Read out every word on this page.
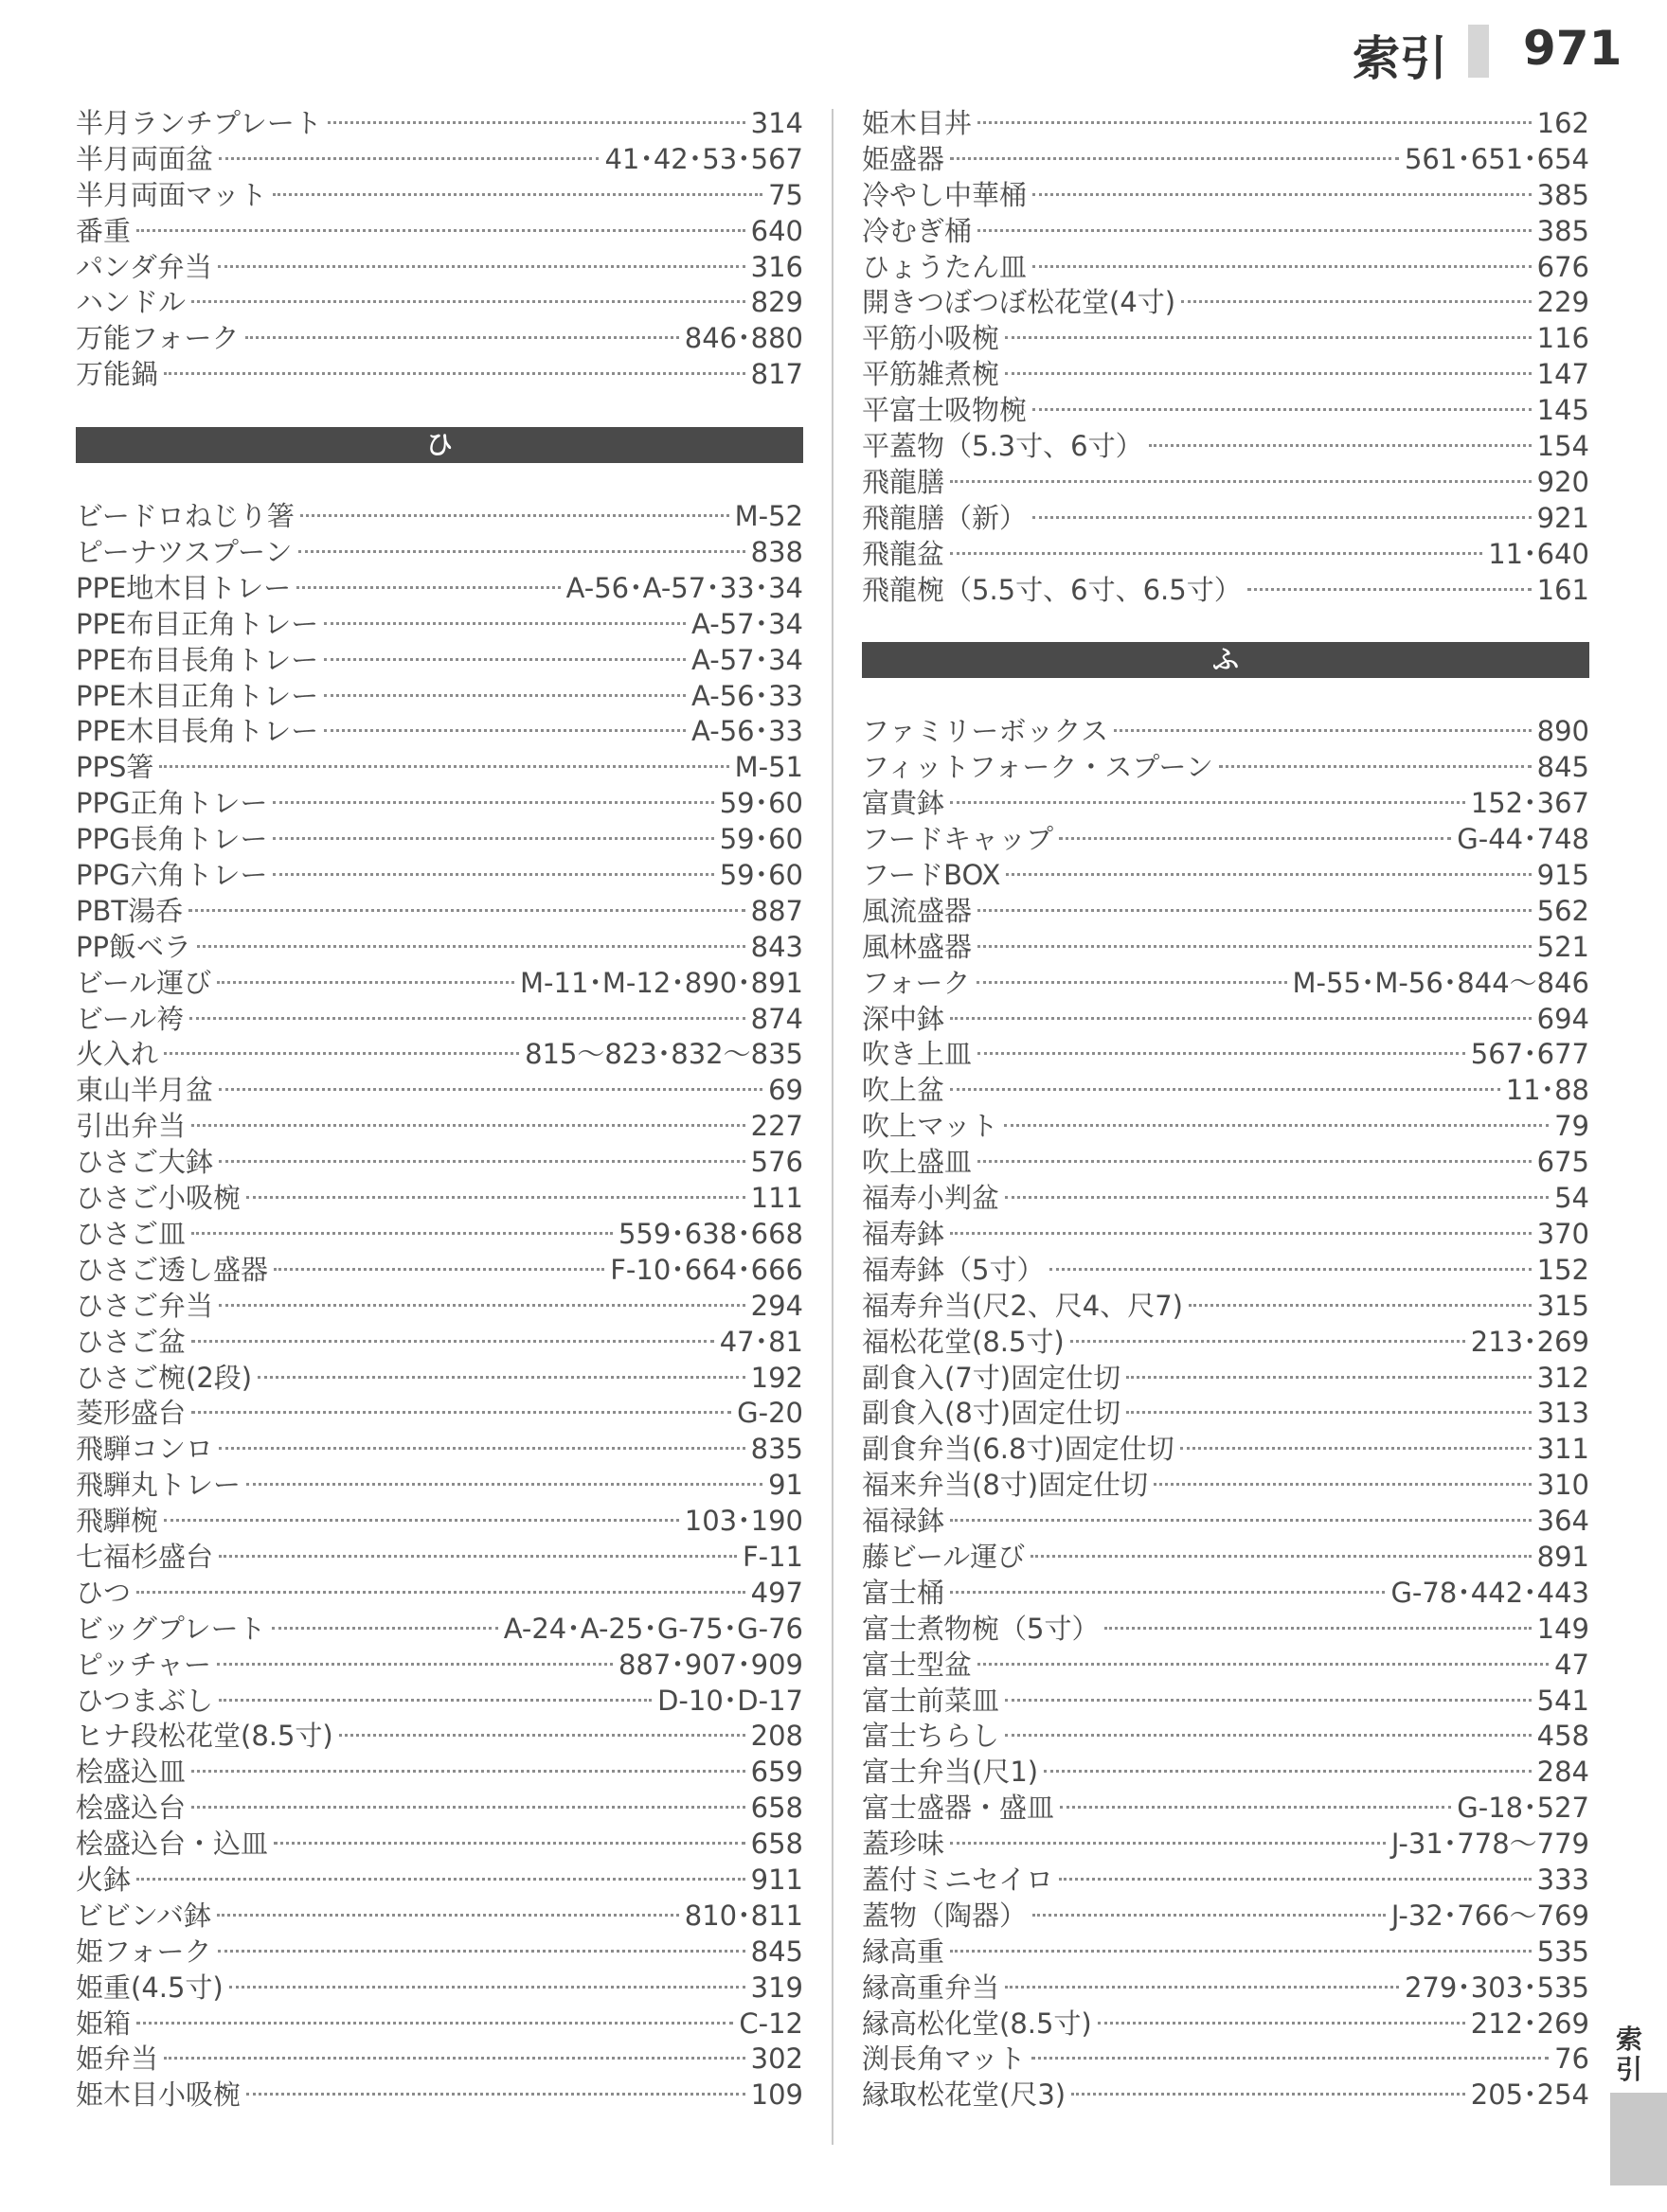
索引 971
半月ランチプレート	314
半月両面盆	41･42･53･567
半月両面マット	75
番重	640
パンダ弁当	316
ハンドル	829
万能フォーク	846･880
万能鍋	817
ひ
ビードロねじり箸	M-52
ピーナツスプーン	838
PPE地木目トレー	A-56･A-57･33･34
PPE布目正角トレー	A-57･34
PPE布目長角トレー	A-57･34
PPE木目正角トレー	A-56･33
PPE木目長角トレー	A-56･33
PPS箸	M-51
PPG正角トレー	59･60
PPG長角トレー	59･60
PPG六角トレー	59･60
PBT湯呑	887
PP飯ベラ	843
ビール運び	M-11･M-12･890･891
ビール袴	874
火入れ	815～823･832～835
東山半月盆	69
引出弁当	227
ひさご大鉢	576
ひさご小吸椀	111
ひさご皿	559･638･668
ひさご透し盛器	F-10･664･666
ひさご弁当	294
ひさご盆	47･81
ひさご椀(2段)	192
菱形盛台	G-20
飛騨コンロ	835
飛騨丸トレー	91
飛騨椀	103･190
七福杉盛台	F-11
ひつ	497
ビッグプレート	A-24･A-25･G-75･G-76
ピッチャー	887･907･909
ひつまぶし	D-10･D-17
ヒナ段松花堂(8.5寸)	208
桧盛込皿	659
桧盛込台	658
桧盛込台・込皿	658
火鉢	911
ビビンバ鉢	810･811
姫フォーク	845
姫重(4.5寸)	319
姫箱	C-12
姫弁当	302
姫木目小吸椀	109
姫木目丼	162
姫盛器	561･651･654
冷やし中華桶	385
冷むぎ桶	385
ひょうたん皿	676
開きつぼつぼ松花堂(4寸)	229
平筋小吸椀	116
平筋雑煮椀	147
平富士吸物椀	145
平蓋物（5.3寸、6寸）	154
飛龍膳	920
飛龍膳（新）	921
飛龍盆	11･640
飛龍椀（5.5寸、6寸、6.5寸）	161
ふ
ファミリーボックス	890
フィットフォーク・スプーン	845
富貴鉢	152･367
フードキャップ	G-44･748
フードBOX	915
風流盛器	562
風林盛器	521
フォーク	M-55･M-56･844～846
深中鉢	694
吹き上皿	567･677
吹上盆	11･88
吹上マット	79
吹上盛皿	675
福寿小判盆	54
福寿鉢	370
福寿鉢（5寸）	152
福寿弁当(尺2、尺4、尺7)	315
福松花堂(8.5寸)	213･269
副食入(7寸)固定仕切	312
副食入(8寸)固定仕切	313
副食弁当(6.8寸)固定仕切	311
福来弁当(8寸)固定仕切	310
福禄鉢	364
藤ビール運び	891
富士桶	G-78･442･443
富士煮物椀（5寸）	149
富士型盆	47
富士前菜皿	541
富士ちらし	458
富士弁当(尺1)	284
富士盛器・盛皿	G-18･527
蓋珍味	J-31･778～779
蓋付ミニセイロ	333
蓋物（陶器）	J-32･766～769
縁高重	535
縁高重弁当	279･303･535
縁高松化堂(8.5寸)	212･269
渕長角マット	76
縁取松花堂(尺3)	205･254
索
引
